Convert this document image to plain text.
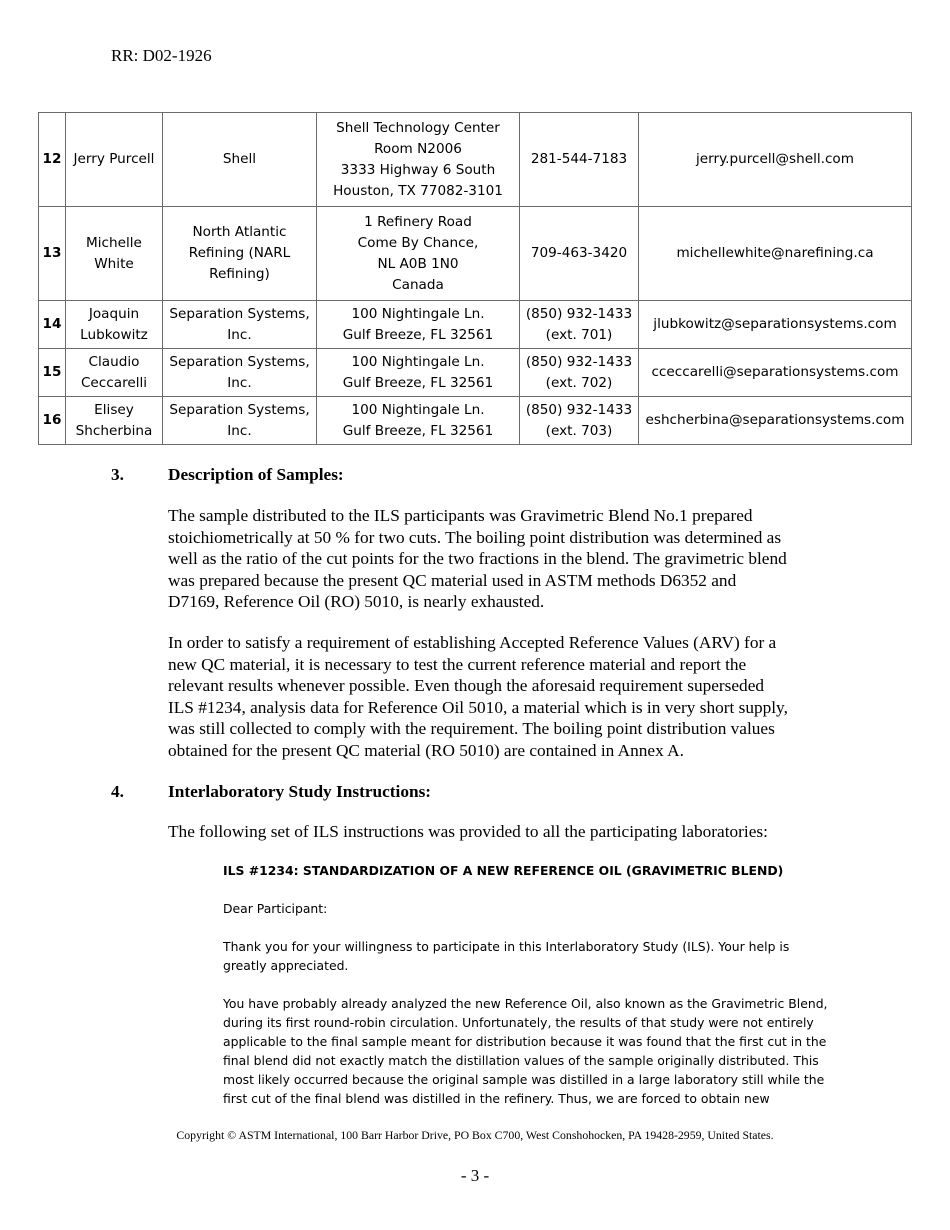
RR: D02-1926
12	Jerry Purcell	Shell	Shell Technology Center
Room N2006
3333 Highway 6 South
Houston, TX 77082-3101	281-544-7183	jerry.purcell@shell.com
13	Michelle
White	North Atlantic
Refining (NARL
Refining)	1 Refinery Road
Come By Chance,
NL A0B 1N0
Canada	709-463-3420	michellewhite@narefining.ca
14	Joaquin
Lubkowitz	Separation Systems,
Inc.	100 Nightingale Ln.
Gulf Breeze, FL 32561	(850) 932-1433
(ext. 701)	jlubkowitz@separationsystems.com
15	Claudio
Ceccarelli	Separation Systems,
Inc.	100 Nightingale Ln.
Gulf Breeze, FL 32561	(850) 932-1433
(ext. 702)	cceccarelli@separationsystems.com
16	Elisey
Shcherbina	Separation Systems,
Inc.	100 Nightingale Ln.
Gulf Breeze, FL 32561	(850) 932-1433
(ext. 703)	eshcherbina@separationsystems.com
3.	Description of Samples:
The sample distributed to the ILS participants was Gravimetric Blend No.1 prepared
stoichiometrically at 50 % for two cuts. The boiling point distribution was determined as
well as the ratio of the cut points for the two fractions in the blend. The gravimetric blend
was prepared because the present QC material used in ASTM methods D6352 and
D7169, Reference Oil (RO) 5010, is nearly exhausted.
In order to satisfy a requirement of establishing Accepted Reference Values (ARV) for a
new QC material, it is necessary to test the current reference material and report the
relevant results whenever possible. Even though the aforesaid requirement superseded
ILS #1234, analysis data for Reference Oil 5010, a material which is in very short supply,
was still collected to comply with the requirement. The boiling point distribution values
obtained for the present QC material (RO 5010) are contained in Annex A.
4.	Interlaboratory Study Instructions:
The following set of ILS instructions was provided to all the participating laboratories:
ILS #1234: STANDARDIZATION OF A NEW REFERENCE OIL (GRAVIMETRIC BLEND)
Dear Participant:
Thank you for your willingness to participate in this Interlaboratory Study (ILS). Your help is
greatly appreciated.
You have probably already analyzed the new Reference Oil, also known as the Gravimetric Blend,
during its first round-robin circulation. Unfortunately, the results of that study were not entirely
applicable to the final sample meant for distribution because it was found that the first cut in the
final blend did not exactly match the distillation values of the sample originally distributed. This
most likely occurred because the original sample was distilled in a large laboratory still while the
first cut of the final blend was distilled in the refinery. Thus, we are forced to obtain new
Copyright © ASTM International, 100 Barr Harbor Drive, PO Box C700, West Conshohocken, PA 19428-2959, United States.
- 3 -
